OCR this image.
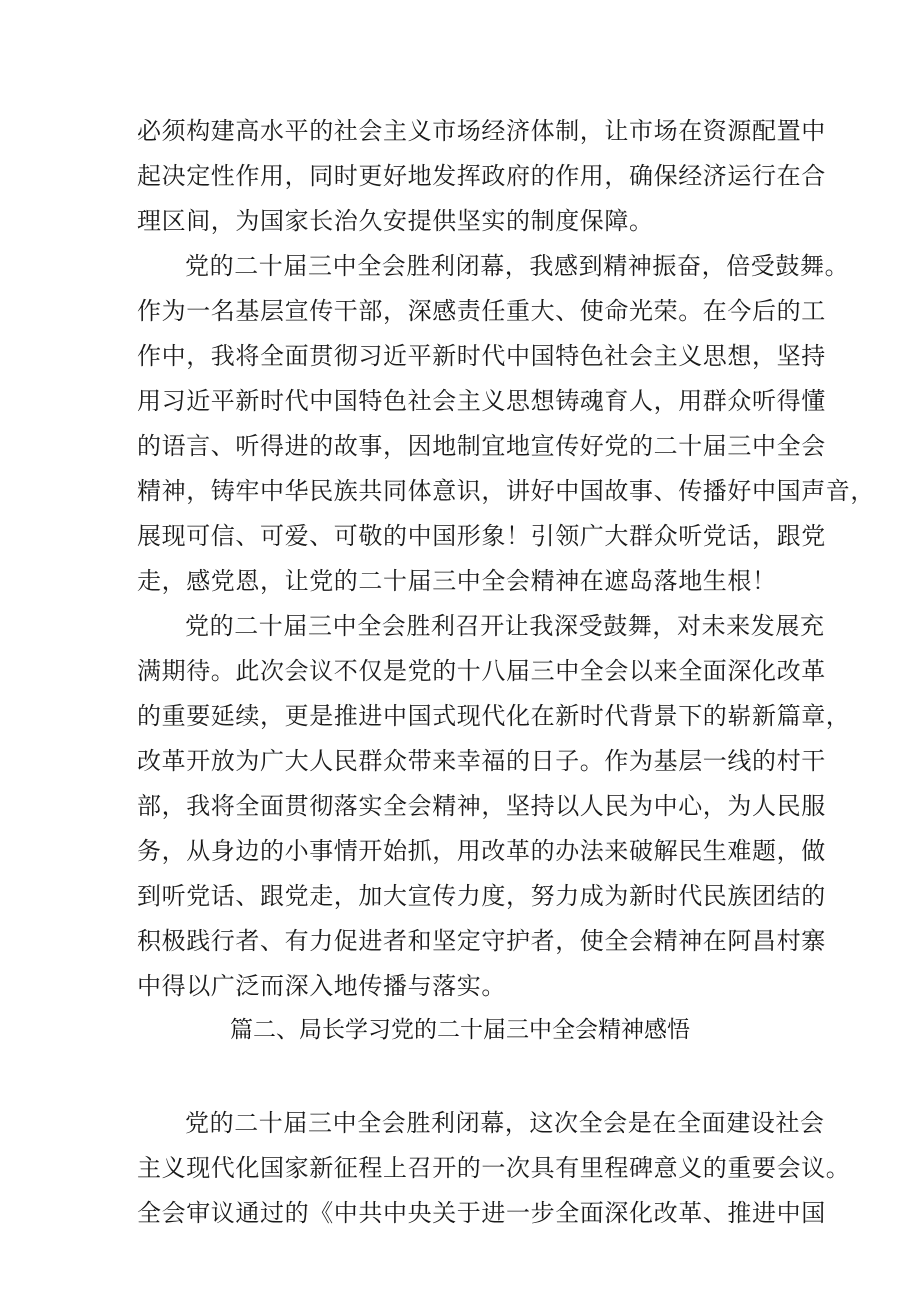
必须构建高水平的社会主义市场经济体制，让市场在资源配置中
起决定性作用，同时更好地发挥政府的作用，确保经济运行在合
理区间，为国家长治久安提供坚实的制度保障。
党的二十届三中全会胜利闭幕，我感到精神振奋，倍受鼓舞。
作为一名基层宣传干部，深感责任重大、使命光荣。在今后的工
作中，我将全面贯彻习近平新时代中国特色社会主义思想，坚持
用习近平新时代中国特色社会主义思想铸魂育人，用群众听得懂
的语言、听得进的故事，因地制宜地宣传好党的二十届三中全会
精神，铸牢中华民族共同体意识，讲好中国故事、传播好中国声音，
展现可信、可爱、可敬的中国形象！引领广大群众听党话，跟党
走，感党恩，让党的二十届三中全会精神在遮岛落地生根！
党的二十届三中全会胜利召开让我深受鼓舞，对未来发展充
满期待。此次会议不仅是党的十八届三中全会以来全面深化改革
的重要延续，更是推进中国式现代化在新时代背景下的崭新篇章，
改革开放为广大人民群众带来幸福的日子。作为基层一线的村干
部，我将全面贯彻落实全会精神，坚持以人民为中心，为人民服
务，从身边的小事情开始抓，用改革的办法来破解民生难题，做
到听党话、跟党走，加大宣传力度，努力成为新时代民族团结的
积极践行者、有力促进者和坚定守护者，使全会精神在阿昌村寨
中得以广泛而深入地传播与落实。
篇二、局长学习党的二十届三中全会精神感悟
党的二十届三中全会胜利闭幕，这次全会是在全面建设社会
主义现代化国家新征程上召开的一次具有里程碑意义的重要会议。
全会审议通过的《中共中央关于进一步全面深化改革、推进中国
